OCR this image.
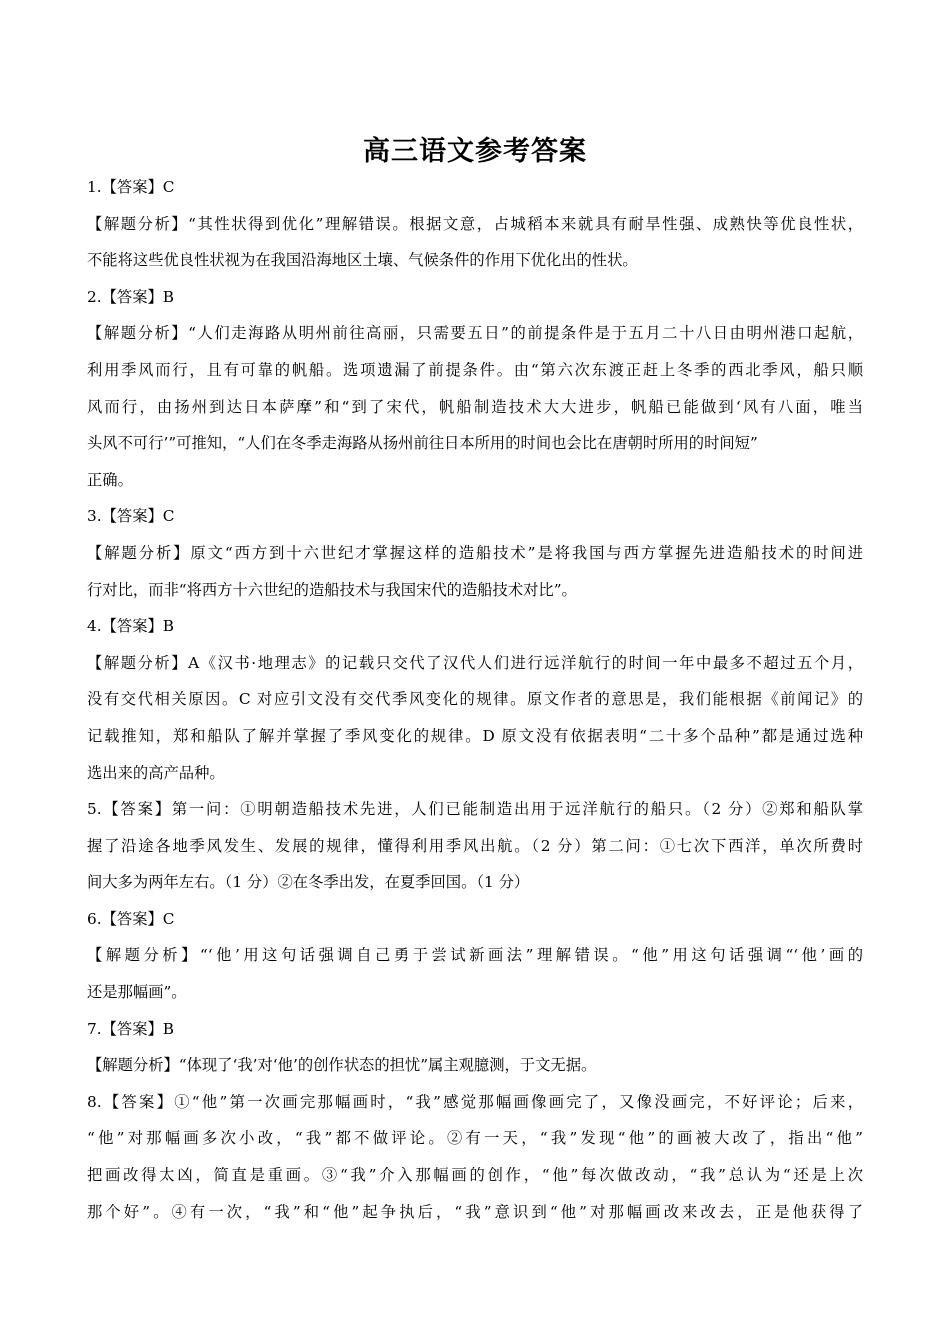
高三语文参考答案
1.【答案】C
【解题分析】“其性状得到优化”理解错误。根据文意，占城稻本来就具有耐旱性强、成熟快等优良性状，
不能将这些优良性状视为在我国沿海地区土壤、气候条件的作用下优化出的性状。
2.【答案】B
【解题分析】“人们走海路从明州前往高丽，只需要五日”的前提条件是于五月二十八日由明州港口起航，
利用季风而行，且有可靠的帆船。选项遗漏了前提条件。由“第六次东渡正赶上冬季的西北季风，船只顺
风而行，由扬州到达日本萨摩”和“到了宋代，帆船制造技术大大进步，帆船已能做到‘风有八面，唯当
头风不可行’”可推知，“人们在冬季走海路从扬州前往日本所用的时间也会比在唐朝时所用的时间短”
正确。
3.【答案】C
【解题分析】原文“西方到十六世纪才掌握这样的造船技术”是将我国与西方掌握先进造船技术的时间进
行对比，而非“将西方十六世纪的造船技术与我国宋代的造船技术对比”。
4.【答案】B
【解题分析】A《汉书·地理志》的记载只交代了汉代人们进行远洋航行的时间一年中最多不超过五个月，
没有交代相关原因。C 对应引文没有交代季风变化的规律。原文作者的意思是，我们能根据《前闻记》的
记载推知，郑和船队了解并掌握了季风变化的规律。D 原文没有依据表明“二十多个品种”都是通过选种
选出来的高产品种。
5.【答案】第一问：①明朝造船技术先进，人们已能制造出用于远洋航行的船只。（2 分）②郑和船队掌
握了沿途各地季风发生、发展的规律，懂得利用季风出航。（2 分）第二问：①七次下西洋，单次所费时
间大多为两年左右。（1 分）②在冬季出发，在夏季回国。（1 分）
6.【答案】C
【解题分析】“‘他’用这句话强调自己勇于尝试新画法”理解错误。“他”用这句话强调“‘他’画的
还是那幅画”。
7.【答案】B
【解题分析】“体现了‘我’对‘他’的创作状态的担忧”属主观臆测，于文无据。
8.【答案】①“他”第一次画完那幅画时，“我”感觉那幅画像画完了，又像没画完，不好评论；后来，
“他”对那幅画多次小改，“我”都不做评论。②有一天，“我”发现“他”的画被大改了，指出“他”
把画改得太凶，简直是重画。③“我”介入那幅画的创作，“他”每次做改动，“我”总认为“还是上次
那个好”。④有一次，“我”和“他”起争执后，“我”意识到“他”对那幅画改来改去，正是他获得了
